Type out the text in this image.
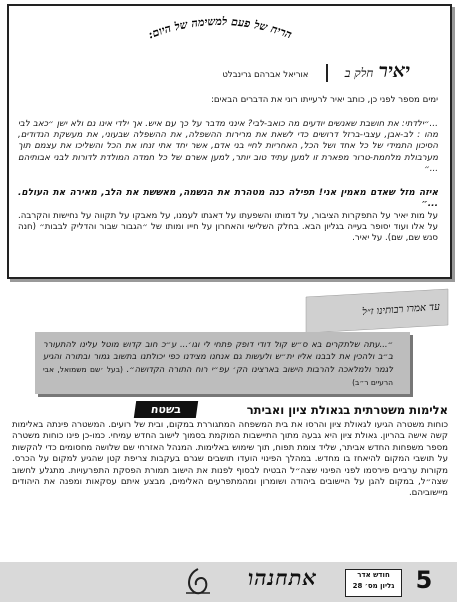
הריח של פעם למשימה של היום:
יאיר חלק ב  אוריאל אברהם גרינבלט
ימים מספר לפני כן, כותב יאיר לרעייתו רוני את הדברים הבאים:
…״ילדתי: את חושבת שאנשים יודעים מה כואב-לבי? אינני מדבר על כך עם איש. אך ילדי אינו נם ולא ישן ״כאב לבי מהו : לב-אבן, עצבי-ברזל דרושים כדי לשאת את מרירות ההשפלה, את ההשפלה שבעוני, את מעשקת הנדודים, הסיכון התמידי של כל אחד ושל הכל, האחריות לחיי בני אדם, אשר יחד אתי זנחו את הכל והשליכו את עצמם תוך מערבולת מלחמת-טרור מפארת זו למען עתיד טוב יותר, למען אשרם של כל חמדה המולדת לדורות לבני אבותיהם ...״
איזה מזל שאדם מאמין אני! תפילה כנה מטהרת את הנשמה, מאששת את הלב, מאירה את העולם. ...״
על מות יאיר על התפקרות הציבור, על דמותו והשפעתו על דאגתו לעמנו, על מאבקו על תקווה על נחישות והקרבה. על אלו ועוד יסופר בעייה בגליון הבא. בחלק השלישי והאחרון על חייו ומותו של ״הגבור שבור והדליק לבבות״ (חנה סנש שם, שם). על יאיר.
עד אמרו רבותינו ז״ל
״...עתה שלתקרים בא ס״ש קול דודי דופק פתחי לי וגו׳... ע״כ חוב קדוש מוטל עלינו להתעורר ב״ב ולהכין את לבבנו אליו ית״ש ולעשות גם אנחנו מצידנו כפי יכולתנו בתשוב גמור ובתורה והגיע לגמר ולמלאכה להרבות הישוב בארצינו הק׳ עפ״י רוח התורה הקדושה״. (בעל ׳שם משמואל, אבי הרעיים ר״ב)
אלימות משטרתית בגאולת ציון ואביתר
בשטח
כוחות משטרה הגיעו לגאולת ציון והרסו את בית המשפחה המתגוררת במקום, ובית של רועים. המשטרה פינתה באלימות קשה אישה בהריון. גאולת ציון היא גבעה מתוך התיישבות המוקמת בסמוך לישוב החדש עמיחי. כמו-כן פינו כוחות משטרה מספר משפחות החדש אביתר, שליד צומת תפוח, תוך שימוש באלימות. המנהל האזרחי שם שלושה מחסומים כדי להקשות על תושבי המקום להיאחז בו מחדש. במהלך הפינוי הועדו תושבים שגרם בעקבות צריפת קטן שהגיע למקום על הכרס. מקורות ערביים פירסמו לפני הפינוי שצה״ל הבטיח לבסוף לפנות את הישוב תמורת הפסקת התפרעויות. מתגלע לחשוב שצה״ל, במקום להגן על היישובים ביהודה ושומרון ומהמתפרעים האלימים, מבצע איתם עסקאות ומפנה את היהודים מיישוביהם.
5
חודש אדר
גליון מס׳ 28
אתחנהו
